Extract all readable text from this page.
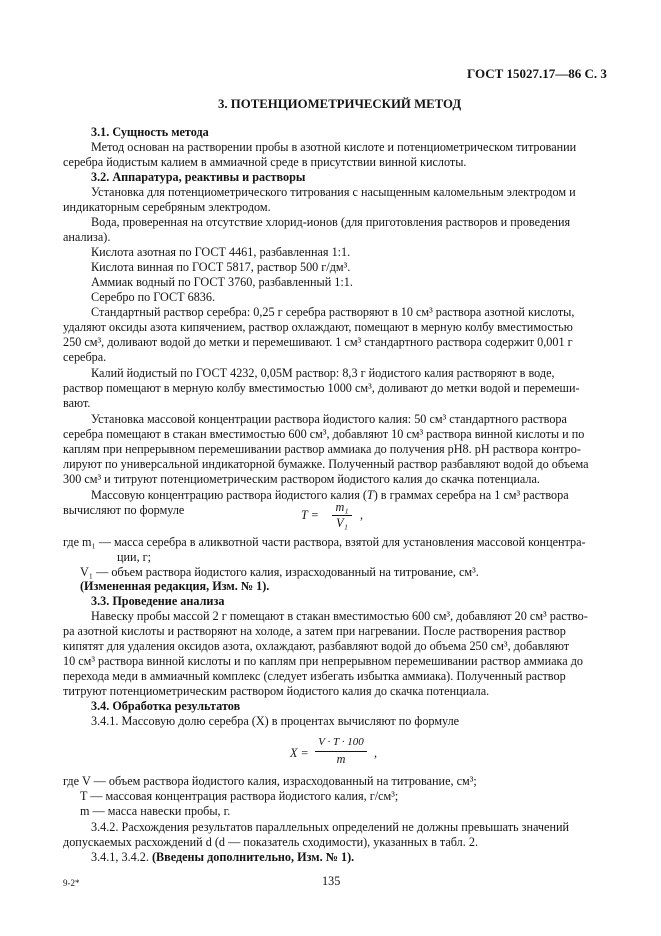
ГОСТ 15027.17—86 С. 3
3. ПОТЕНЦИОМЕТРИЧЕСКИЙ МЕТОД
3.1. Сущность метода
Метод основан на растворении пробы в азотной кислоте и потенциометрическом титровании
серебра йодистым калием в аммиачной среде в присутствии винной кислоты.
3.2. Аппаратура, реактивы и растворы
Установка для потенциометрического титрования с насыщенным каломельным электродом и
индикаторным серебряным электродом.
Вода, проверенная на отсутствие хлорид-ионов (для приготовления растворов и проведения
анализа).
Кислота азотная по ГОСТ 4461, разбавленная 1:1.
Кислота винная по ГОСТ 5817, раствор 500 г/дм³.
Аммиак водный по ГОСТ 3760, разбавленный 1:1.
Серебро по ГОСТ 6836.
Стандартный раствор серебра: 0,25 г серебра растворяют в 10 см³ раствора азотной кислоты,
удаляют оксиды азота кипячением, раствор охлаждают, помещают в мерную колбу вместимостью
250 см³, доливают водой до метки и перемешивают. 1 см³ стандартного раствора содержит 0,001 г
серебра.
Калий йодистый по ГОСТ 4232, 0,05М раствор: 8,3 г йодистого калия растворяют в воде,
раствор помещают в мерную колбу вместимостью 1000 см³, доливают до метки водой и перемеши-
вают.
Установка массовой концентрации раствора йодистого калия: 50 см³ стандартного раствора
серебра помещают в стакан вместимостью 600 см³, добавляют 10 см³ раствора винной кислоты и по
каплям при непрерывном перемешивании раствор аммиака до получения рН8. рН раствора контро-
лируют по универсальной индикаторной бумажке. Полученный раствор разбавляют водой до объема
300 см³ и титруют потенциометрическим раствором йодистого калия до скачка потенциала.
Массовую концентрацию раствора йодистого калия (T) в граммах серебра на 1 см³ раствора
вычисляют по формуле	T =
m₁
V₁
,
где m₁ — масса серебра в аликвотной части раствора, взятой для установления массовой концентра-
ции, г;
V₁ — объем раствора йодистого калия, израсходованный на титрование, см³.
(Измененная редакция, Изм. № 1).
3.3. Проведение анализа
Навеску пробы массой 2 г помещают в стакан вместимостью 600 см³, добавляют 20 см³ раство-
ра азотной кислоты и растворяют на холоде, а затем при нагревании. После растворения раствор
кипятят для удаления оксидов азота, охлаждают, разбавляют водой до объема 250 см³, добавляют
10 см³ раствора винной кислоты и по каплям при непрерывном перемешивании раствор аммиака до
перехода меди в аммиачный комплекс (следует избегать избытка аммиака). Полученный раствор
титруют потенциометрическим раствором йодистого калия до скачка потенциала.
3.4. Обработка результатов
3.4.1. Массовую долю серебра (X) в процентах вычисляют по формуле
X =
V · T · 100
m	,
где V — объем раствора йодистого калия, израсходованный на титрование, см³;
T — массовая концентрация раствора йодистого калия, г/см³;
m — масса навески пробы, г.
3.4.2. Расхождения результатов параллельных определений не должны превышать значений
допускаемых расхождений d (d — показатель сходимости), указанных в табл. 2.
3.4.1, 3.4.2. (Введены дополнительно, Изм. № 1).
9-2*	135
